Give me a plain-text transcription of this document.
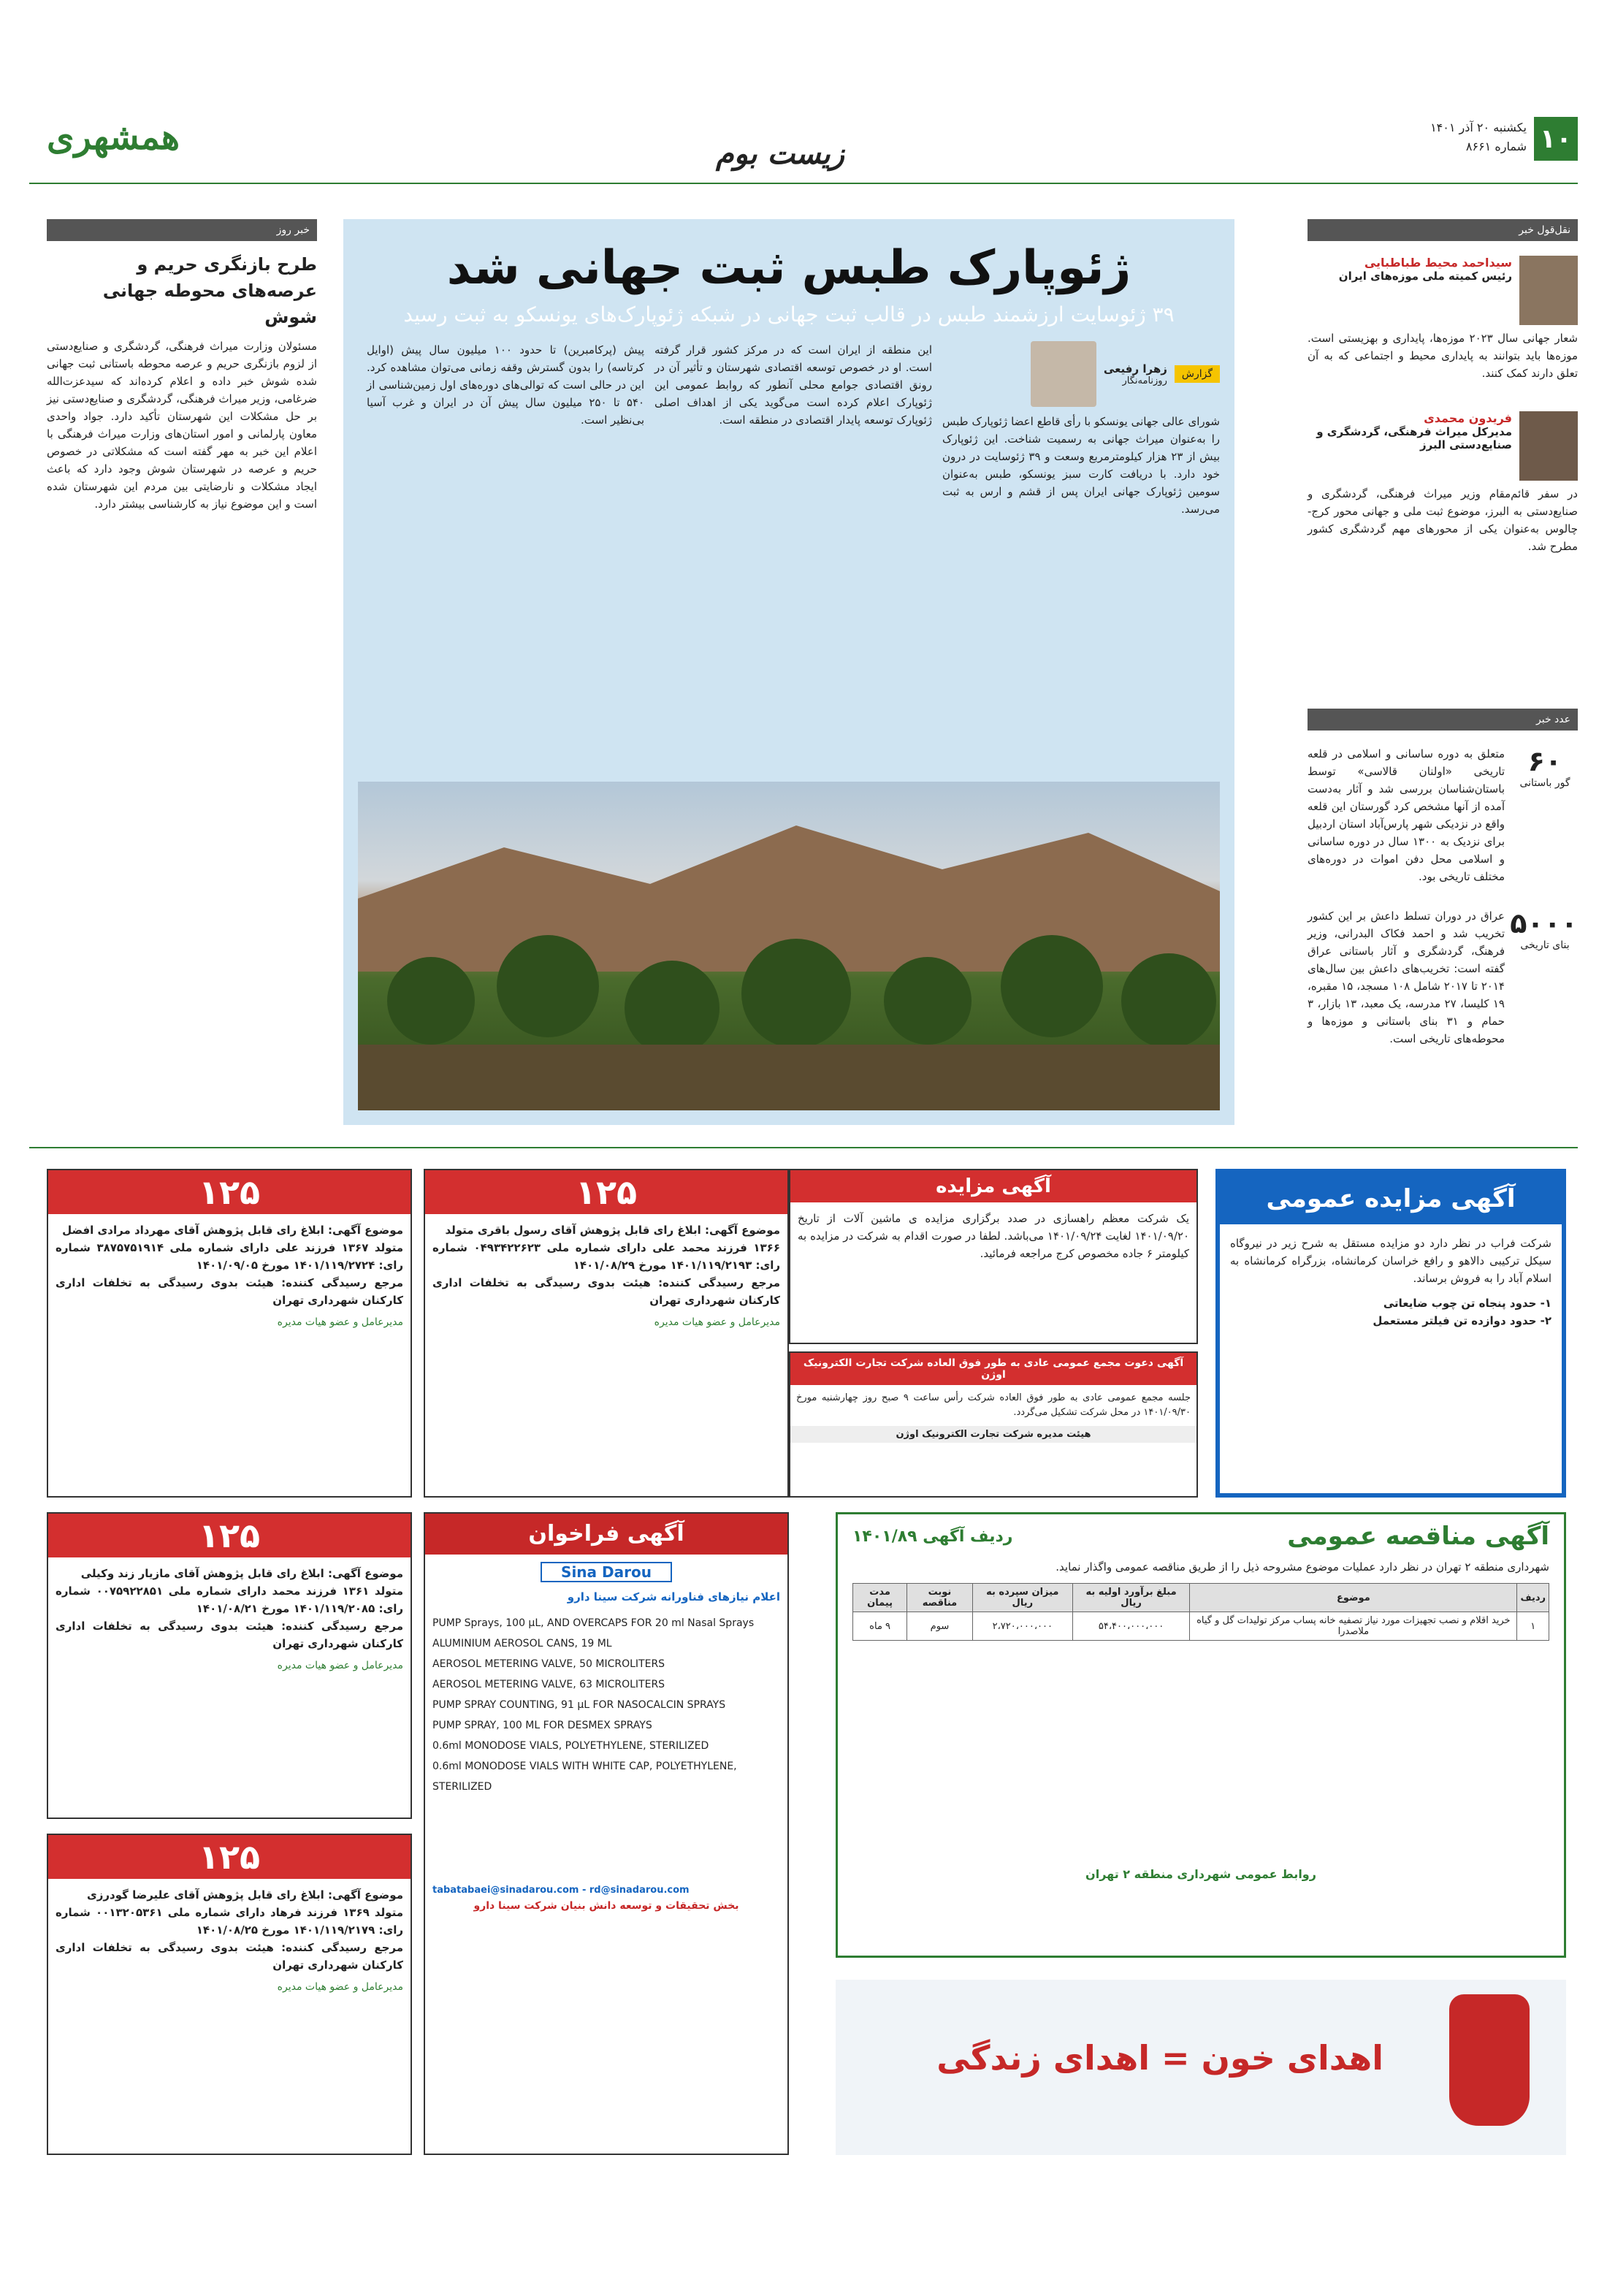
۱۰
یکشنبه ۲۰ آذر ۱۴۰۱
شماره ۸۶۶۱
زیست بوم
همشهری
نقل‌قول خبر
سیداحمد محیط طباطبایی
رئیس کمیته ملی موزه‌های ایران

شعار جهانی سال ۲۰۲۳ موزه‌ها، پایداری و بهزیستی است. موزه‌ها باید بتوانند به پایداری محیط و اجتماعی که به آن تعلق دارند کمک کنند.

فریدون محمدی
مدیرکل میراث فرهنگی، گردشگری و صنایع‌دستی البرز

در سفر قائم‌مقام وزیر میراث فرهنگی، گردشگری و صنایع‌دستی به البرز، موضوع ثبت ملی و جهانی محور کرج-چالوس به‌عنوان یکی از محورهای مهم گردشگری کشور مطرح شد.

عدد خبر
۶۰
گور باستانی

متعلق به دوره ساسانی و اسلامی در قلعه تاریخی «اولنان قالاسی» توسط باستان‌شناسان بررسی شد و آثار به‌دست آمده از آنها مشخص کرد گورستان این قلعه واقع در نزدیکی شهر پارس‌آباد استان اردبیل برای نزدیک به ۱۳۰۰ سال در دوره ساسانی و اسلامی محل دفن اموات در دوره‌های مختلف تاریخی بود.

۵۰۰۰
بنای تاریخی

عراق در دوران تسلط داعش بر این کشور تخریب شد و احمد فکاک البدرانی، وزیر فرهنگ، گردشگری و آثار باستانی عراق گفته است: تخریب‌های داعش بین سال‌های ۲۰۱۴ تا ۲۰۱۷ شامل ۱۰۸ مسجد، ۱۵ مقبره، ۱۹ کلیسا، ۲۷ مدرسه، یک معبد، ۱۳ بازار، ۳ حمام و ۳۱ بنای باستانی و موزه‌ها و محوطه‌های تاریخی است.

ژئوپارک طبس ثبت جهانی شد
۳۹ ژئوسایت ارزشمند طبس در قالب ثبت جهانی در شبکه ژئوپارک‌های یونسکو به ثبت رسید
گزارش
زهرا رفیعی
روزنامه‌نگار

شورای عالی جهانی یونسکو با رأی قاطع اعضا ژئوپارک طبس را به‌عنوان میراث جهانی به رسمیت شناخت. این ژئوپارک بیش از ۲۳ هزار کیلومترمربع وسعت و ۳۹ ژئوسایت در درون خود دارد. با دریافت کارت سبز یونسکو، طبس به‌عنوان سومین ژئوپارک جهانی ایران پس از قشم و ارس به ثبت می‌رسد.

این منطقه از ایران است که در مرکز کشور قرار گرفته است. او در خصوص توسعه اقتصادی شهرستان و تأثیر آن در رونق اقتصادی جوامع محلی آنطور که روابط عمومی این ژئوپارک اعلام کرده است می‌گوید یکی از اهداف اصلی ژئوپارک توسعه پایدار اقتصادی در منطقه است.

پیش (پرکامبرین) تا حدود ۱۰۰ میلیون سال پیش (اوایل کرتاسه) را بدون گسترش وقفه زمانی می‌توان مشاهده کرد. این در حالی است که توالی‌های دوره‌های اول زمین‌شناسی از ۵۴۰ تا ۲۵۰ میلیون سال پیش آن در ایران و غرب آسیا بی‌نظیر است.

خبر روز
طرح بازنگری حریم و عرصه‌های محوطه جهانی شوش

مسئولان وزارت میراث فرهنگی، گردشگری و صنایع‌دستی از لزوم بازنگری حریم و عرصه محوطه باستانی ثبت جهانی شده شوش خبر داده و اعلام کرده‌اند که سیدعزت‌الله ضرغامی، وزیر میراث فرهنگی، گردشگری و صنایع‌دستی نیز بر حل مشکلات این شهرستان تأکید دارد. جواد واحدی معاون پارلمانی و امور استان‌های وزارت میراث فرهنگی با اعلام این خبر به مهر گفته است که مشکلاتی در خصوص حریم و عرصه در شهرستان شوش وجود دارد که باعث ایجاد مشکلات و نارضایتی بین مردم این شهرستان شده است و این موضوع نیاز به کارشناسی بیشتر دارد.

آگهی مزایده عمومی

شرکت فراب در نظر دارد دو مزایده مستقل به شرح زیر در نیروگاه سیکل ترکیبی دالاهو و رافع خراسان کرمانشاه، بزرگراه کرمانشاه به اسلام آباد را به فروش برساند.

۱- حدود پنجاه تن چوب ضایعاتی

۲- حدود دوازده تن فیلتر مستعمل

آگهی مزایده

یک شرکت معظم راهسازی در صدد برگزاری مزایده ی ماشین آلات از تاریخ ۱۴۰۱/۰۹/۲۰ لغایت ۱۴۰۱/۰۹/۲۴ می‌باشد. لطفا در صورت اقدام به شرکت در مزایده به کیلومتر ۶ جاده مخصوص کرج مراجعه فرمائید.

آگهی دعوت مجمع عمومی عادی به طور فوق العاده شرکت تجارت الکترونیک اوژن

جلسه مجمع عمومی عادی به طور فوق العاده شرکت رأس ساعت ۹ صبح روز چهارشنبه مورخ ۱۴۰۱/۰۹/۳۰ در محل شرکت تشکیل می‌گردد.

هیئت مدیره شرکت تجارت الکترونیک اوژن
۱۲۵

موضوع آگهی: ابلاغ رای قابل پژوهش آقای رسول باقری متولد

۱۳۶۶ فرزند محمد علی دارای شماره ملی ۰۴۹۳۴۲۲۶۲۳ شماره رای: ۱۴۰۱/۱۱۹/۲۱۹۳ مورخ ۱۴۰۱/۰۸/۲۹

مرجع رسیدگی کننده: هیئت بدوی رسیدگی به تخلفات اداری کارکنان شهرداری تهران

مدیرعامل و عضو هیات مدیره
۱۲۵

موضوع آگهی: ابلاغ رای قابل پژوهش آقای مهرداد مرادی افضل

متولد ۱۳۶۷ فرزند علی دارای شماره ملی ۳۸۷۵۷۵۱۹۱۴ شماره رای: ۱۴۰۱/۱۱۹/۲۷۲۴ مورخ ۱۴۰۱/۰۹/۰۵

مرجع رسیدگی کننده: هیئت بدوی رسیدگی به تخلفات اداری کارکنان شهرداری تهران

مدیرعامل و عضو هیات مدیره
آگهی مناقصه عمومی
ردیف آگهی ۱۴۰۱/۸۹

شهرداری منطقه ۲ تهران در نظر دارد عملیات موضوع مشروحه ذیل را از طریق مناقصه عمومی واگذار نماید.

ردیف	موضوع	مبلغ برآورد اولیه به ریال	میزان سپرده به ریال	نوبت مناقصه	مدت پیمان
۱	خرید اقلام و نصب تجهیزات مورد نیاز تصفیه خانه پساب مرکز تولیدات گل و گیاه ملاصدرا	۵۴،۴۰۰،۰۰۰،۰۰۰	۲،۷۲۰،۰۰۰،۰۰۰	سوم	۹ ماه
روابط عمومی شهرداری منطقه ۲ تهران
اهدای خون = اهدای زندگی
آگهی فراخوان
Sina Darou

اعلام نیازهای فناورانه شرکت سینا دارو

PUMP Sprays, 100 µL, AND OVERCAPS FOR 20 ml Nasal Sprays
ALUMINIUM AEROSOL CANS, 19 ML
AEROSOL METERING VALVE, 50 MICROLITERS
AEROSOL METERING VALVE, 63 MICROLITERS
PUMP SPRAY COUNTING, 91 µL FOR NASOCALCIN SPRAYS
PUMP SPRAY, 100 ML FOR DESMEX SPRAYS
0.6ml MONODOSE VIALS, POLYETHYLENE, STERILIZED
0.6ml MONODOSE VIALS WITH WHITE CAP, POLYETHYLENE, STERILIZED
tabatabaei@sinadarou.com - rd@sinadarou.com
بخش تحقیقات و توسعه دانش بنیان شرکت سینا دارو
۱۲۵

موضوع آگهی: ابلاغ رای قابل پژوهش آقای مازیار زند وکیلی

متولد ۱۳۶۱ فرزند محمد دارای شماره ملی ۰۰۷۵۹۲۲۸۵۱ شماره رای: ۱۴۰۱/۱۱۹/۲۰۸۵ مورخ ۱۴۰۱/۰۸/۲۱

مرجع رسیدگی کننده: هیئت بدوی رسیدگی به تخلفات اداری کارکنان شهرداری تهران

مدیرعامل و عضو هیات مدیره
۱۲۵

موضوع آگهی: ابلاغ رای قابل پژوهش آقای علیرضا گودرزی

متولد ۱۳۶۹ فرزند فرهاد دارای شماره ملی ۰۰۱۳۲۰۵۳۶۱ شماره رای: ۱۴۰۱/۱۱۹/۲۱۷۹ مورخ ۱۴۰۱/۰۸/۲۵

مرجع رسیدگی کننده: هیئت بدوی رسیدگی به تخلفات اداری کارکنان شهرداری تهران

مدیرعامل و عضو هیات مدیره
